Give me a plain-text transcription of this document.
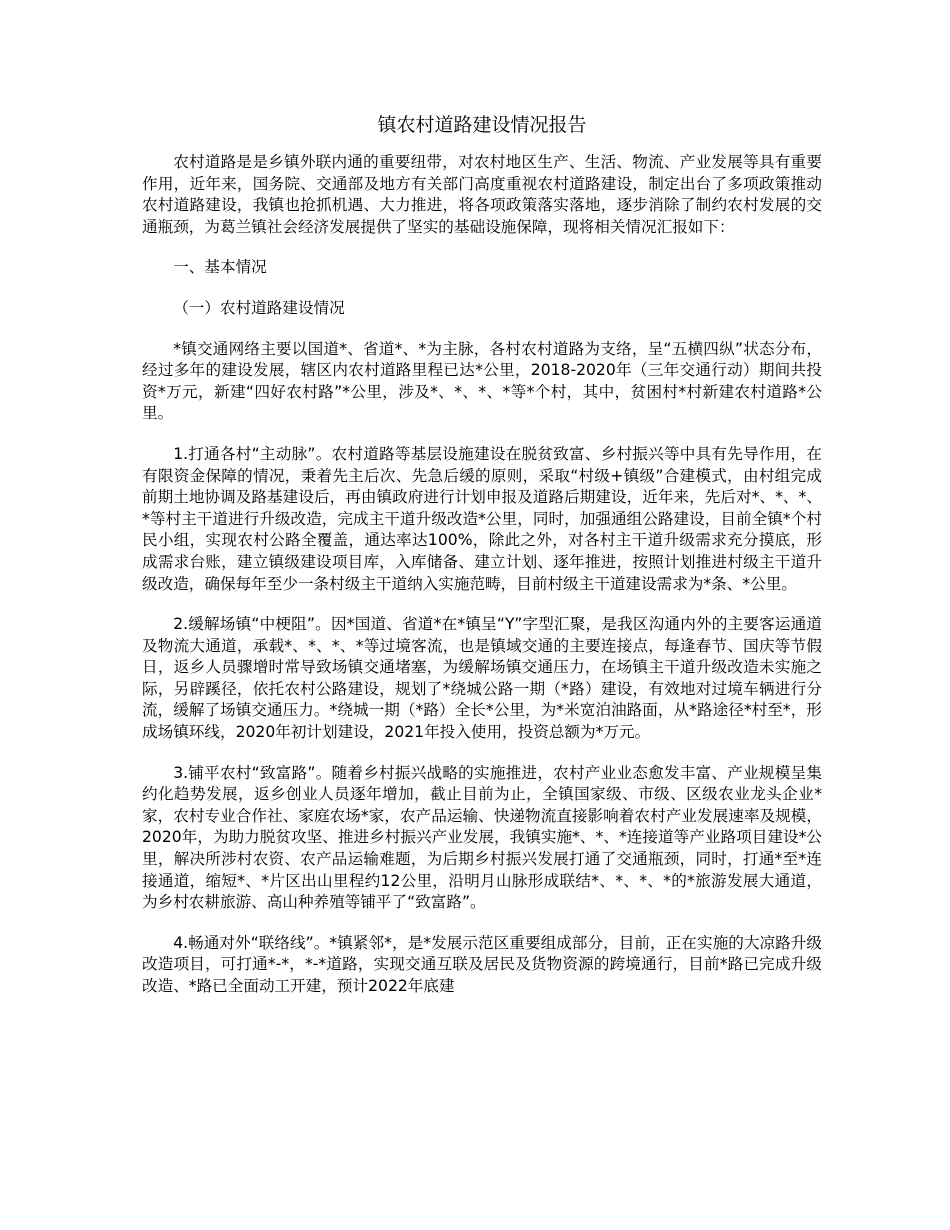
镇农村道路建设情况报告

农村道路是是乡镇外联内通的重要纽带，对农村地区生产、生活、物流、产业发展等具有重要作用，近年来，国务院、交通部及地方有关部门高度重视农村道路建设，制定出台了多项政策推动农村道路建设，我镇也抢抓机遇、大力推进，将各项政策落实落地，逐步消除了制约农村发展的交通瓶颈，为葛兰镇社会经济发展提供了坚实的基础设施保障，现将相关情况汇报如下：

一、基本情况

（一）农村道路建设情况

*镇交通网络主要以国道*、省道*、*为主脉，各村农村道路为支络，呈“五横四纵”状态分布，经过多年的建设发展，辖区内农村道路里程已达*公里，2018-2020年（三年交通行动）期间共投资*万元，新建“四好农村路”*公里，涉及*、*、*、*等*个村，其中，贫困村*村新建农村道路*公里。

1.打通各村“主动脉”。农村道路等基层设施建设在脱贫致富、乡村振兴等中具有先导作用，在有限资金保障的情况，秉着先主后次、先急后缓的原则，采取“村级+镇级”合建模式，由村组完成前期土地协调及路基建设后，再由镇政府进行计划申报及道路后期建设，近年来，先后对*、*、*、*等村主干道进行升级改造，完成主干道升级改造*公里，同时，加强通组公路建设，目前全镇*个村民小组，实现农村公路全覆盖，通达率达100%，除此之外，对各村主干道升级需求充分摸底，形成需求台账，建立镇级建设项目库，入库储备、建立计划、逐年推进，按照计划推进村级主干道升级改造，确保每年至少一条村级主干道纳入实施范畴，目前村级主干道建设需求为*条、*公里。

2.缓解场镇“中梗阻”。因*国道、省道*在*镇呈“Y”字型汇聚，是我区沟通内外的主要客运通道及物流大通道，承载*、*、*、*等过境客流，也是镇域交通的主要连接点，每逢春节、国庆等节假日，返乡人员骤增时常导致场镇交通堵塞，为缓解场镇交通压力，在场镇主干道升级改造未实施之际，另辟蹊径，依托农村公路建设，规划了*绕城公路一期（*路）建设，有效地对过境车辆进行分流，缓解了场镇交通压力。*绕城一期（*路）全长*公里，为*米宽泊油路面，从*路途径*村至*，形成场镇环线，2020年初计划建设，2021年投入使用，投资总额为*万元。

3.铺平农村“致富路”。随着乡村振兴战略的实施推进，农村产业业态愈发丰富、产业规模呈集约化趋势发展，返乡创业人员逐年增加，截止目前为止，全镇国家级、市级、区级农业龙头企业*家，农村专业合作社、家庭农场*家，农产品运输、快递物流直接影响着农村产业发展速率及规模，2020年，为助力脱贫攻坚、推进乡村振兴产业发展，我镇实施*、*、*连接道等产业路项目建设*公里，解决所涉村农资、农产品运输难题，为后期乡村振兴发展打通了交通瓶颈，同时，打通*至*连接通道，缩短*、*片区出山里程约12公里，沿明月山脉形成联结*、*、*、*的*旅游发展大通道，为乡村农耕旅游、高山种养殖等铺平了“致富路”。

4.畅通对外“联络线”。*镇紧邻*，是*发展示范区重要组成部分，目前，正在实施的大凉路升级改造项目，可打通*-*，*-*道路，实现交通互联及居民及货物资源的跨境通行，目前*路已完成升级改造、*路已全面动工开建，预计2022年底建
